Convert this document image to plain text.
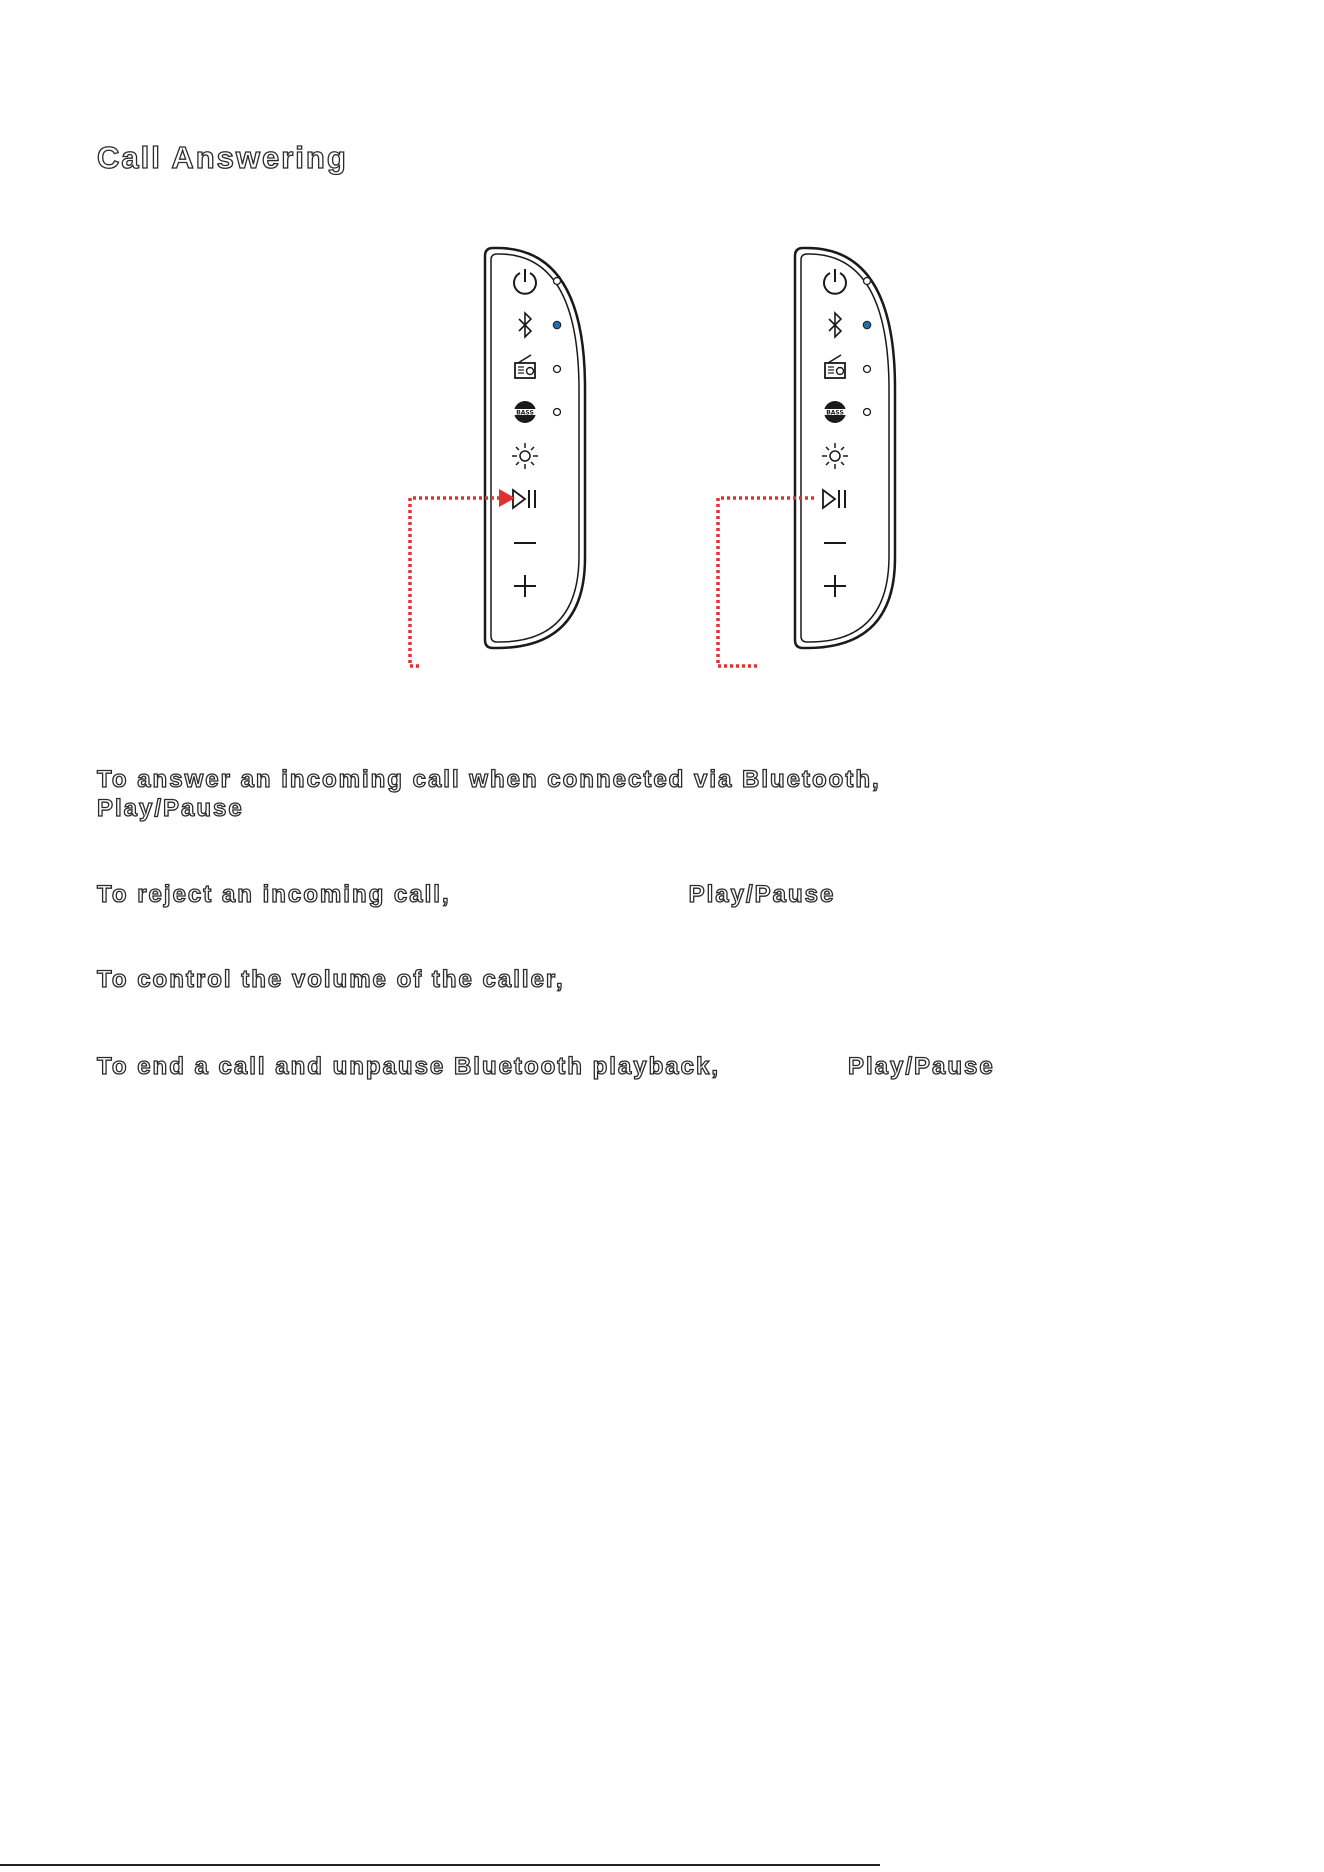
Call Answering
BASS	BASS

To answer an incoming call when connected via Bluetooth,
Play/Pause

To reject an incoming call,	Play/Pause

To control the volume of the caller,

To end a call and unpause Bluetooth playback,	Play/Pause
